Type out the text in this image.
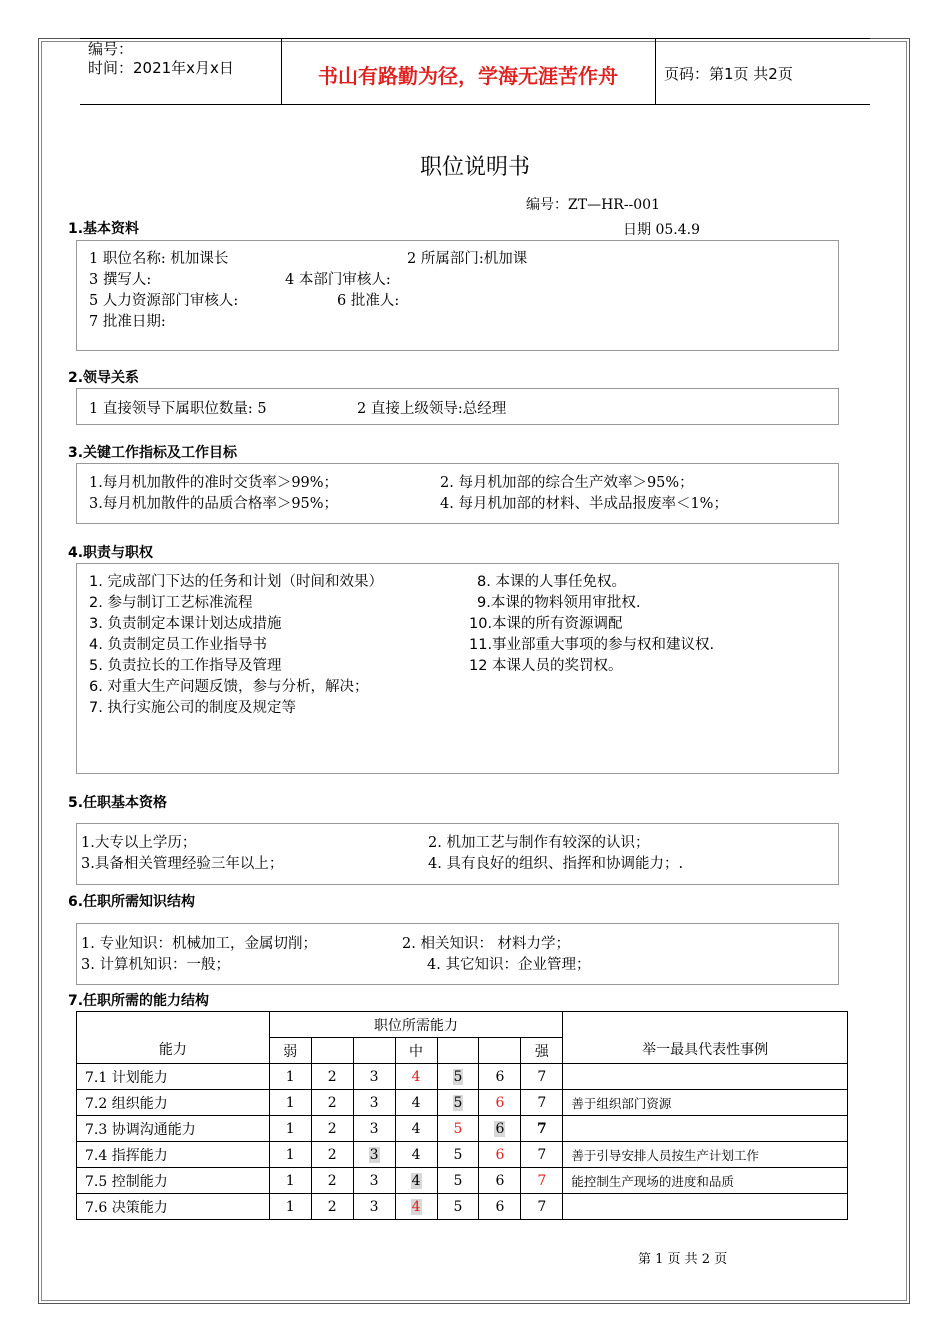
编号：
时间：2021年x月x日	书山有路勤为径，学海无涯苦作舟	页码：第1页 共2页
职位说明书
编号：ZT—HR--001
日期 05.4.9
1.基本资料
1 职位名称: 机加课长	2 所属部门:机加课
3 撰写人:	4 本部门审核人:
5 人力资源部门审核人:	6 批准人:
7 批准日期:
2.领导关系
1 直接领导下属职位数量: 5	2 直接上级领导:总经理
3.关键工作指标及工作目标
1.每月机加散件的准时交货率＞99%；	2. 每月机加部的综合生产效率＞95%；
3.每月机加散件的品质合格率＞95%；	4. 每月机加部的材料、半成品报废率＜1%；
4.职责与职权
1. 完成部门下达的任务和计划（时间和效果）
2. 参与制订工艺标准流程
3. 负责制定本课计划达成措施
4. 负责制定员工作业指导书
5. 负责拉长的工作指导及管理
6. 对重大生产问题反馈，参与分析，解决；
7. 执行实施公司的制度及规定等
8. 本课的人事任免权。
9.本课的物料领用审批权.
10.本课的所有资源调配
11.事业部重大事项的参与权和建议权.
12 本课人员的奖罚权。
5.任职基本资格
1.大专以上学历；	2. 机加工艺与制作有较深的认识；
3.具备相关管理经验三年以上；	4. 具有良好的组织、指挥和协调能力；.
6.任职所需知识结构
1. 专业知识：机械加工，金属切削；	2. 相关知识： 材料力学；
3. 计算机知识：一般；	4. 其它知识：企业管理；
7.任职所需的能力结构
能力	职位所需能力							举一最具代表性事例
	弱			中			强	
7.1 计划能力	1	2	3	4	5	6	7	
7.2 组织能力	1	2	3	4	5	6	7	善于组织部门资源
7.3 协调沟通能力	1	2	3	4	5	6	7	
7.4 指挥能力	1	2	3	4	5	6	7	善于引导安排人员按生产计划工作
7.5 控制能力	1	2	3	4	5	6	7	能控制生产现场的进度和品质
7.6 决策能力	1	2	3	4	5	6	7	
第 1 页 共 2 页
